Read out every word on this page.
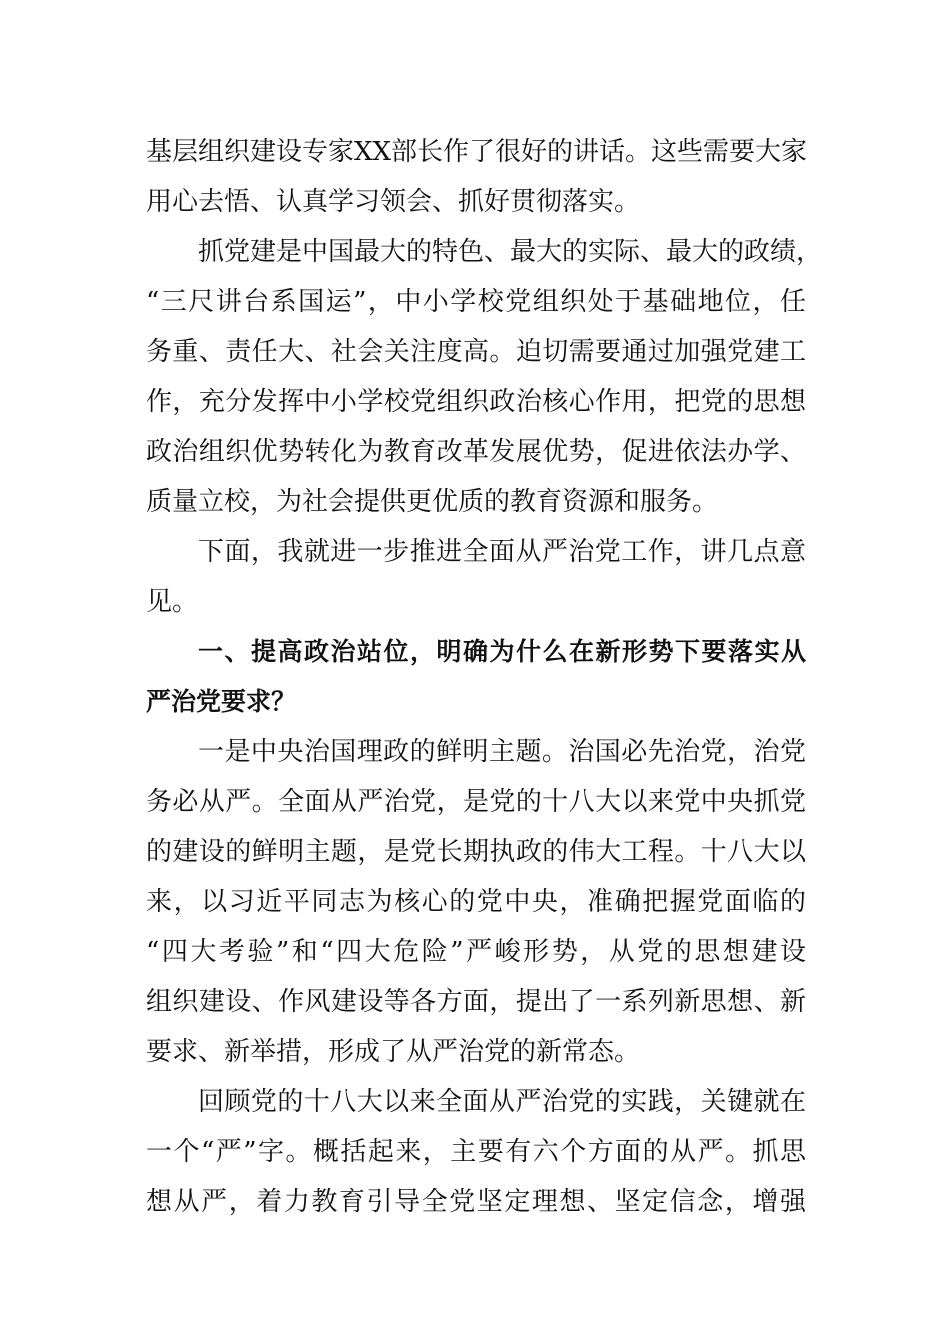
基层组织建设专家XX部长作了很好的讲话。这些需要大家
用心去悟、认真学习领会、抓好贯彻落实。
抓党建是中国最大的特色、最大的实际、最大的政绩，
“三尺讲台系国运”，中小学校党组织处于基础地位，任
务重、责任大、社会关注度高。迫切需要通过加强党建工
作，充分发挥中小学校党组织政治核心作用，把党的思想
政治组织优势转化为教育改革发展优势，促进依法办学、
质量立校，为社会提供更优质的教育资源和服务。
下面，我就进一步推进全面从严治党工作，讲几点意
见。
一、提高政治站位，明确为什么在新形势下要落实从
严治党要求？
一是中央治国理政的鲜明主题。治国必先治党，治党
务必从严。全面从严治党，是党的十八大以来党中央抓党
的建设的鲜明主题，是党长期执政的伟大工程。十八大以
来，以习近平同志为核心的党中央，准确把握党面临的
“四大考验”和“四大危险”严峻形势，从党的思想建设
组织建设、作风建设等各方面，提出了一系列新思想、新
要求、新举措，形成了从严治党的新常态。
回顾党的十八大以来全面从严治党的实践，关键就在
一个“严”字。概括起来，主要有六个方面的从严。抓思
想从严，着力教育引导全党坚定理想、坚定信念，增强
